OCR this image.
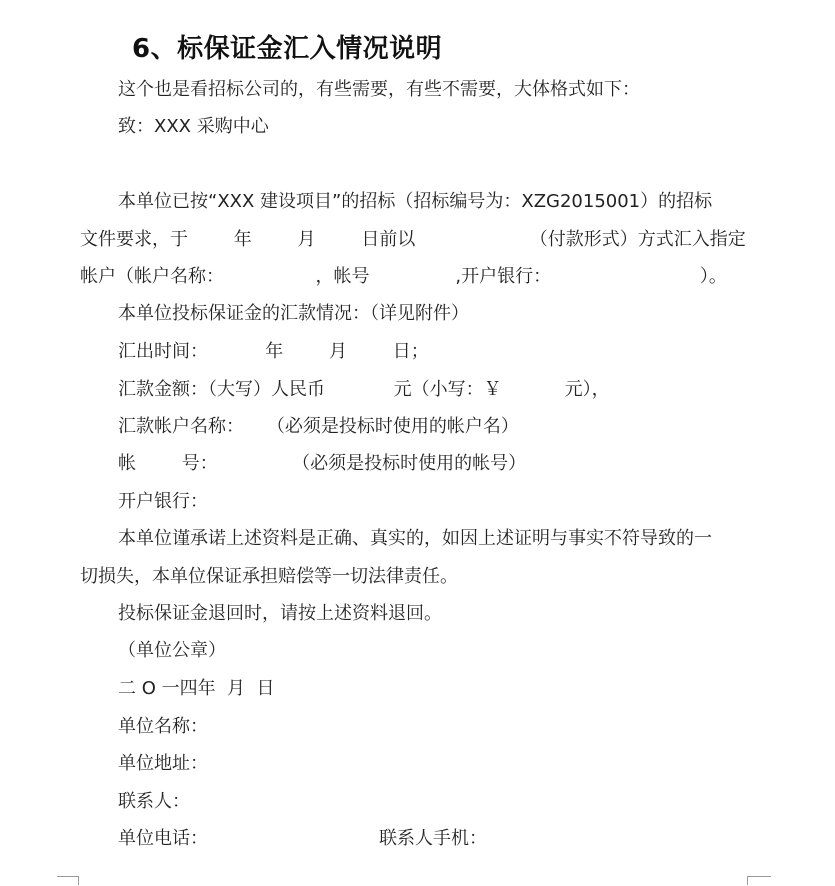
6、标保证金汇入情况说明
这个也是看招标公司的，有些需要，有些不需要，大体格式如下：
致：XXX 采购中心
本单位已按“XXX 建设项目”的招标（招标编号为：XZG2015001）的招标
文件要求，于        年        月        日前以                    （付款形式）方式汇入指定
帐户（帐户名称：                ，帐号               ,开户银行：                          ）。
本单位投标保证金的汇款情况：（详见附件）
汇出时间：          年        月        日；
汇款金额：（大写）人民币            元（小写：￥           元），
汇款帐户名称：    （必须是投标时使用的帐户名）
帐        号：             （必须是投标时使用的帐号）
开户银行：
本单位谨承诺上述资料是正确、真实的，如因上述证明与事实不符导致的一
切损失，本单位保证承担赔偿等一切法律责任。
投标保证金退回时，请按上述资料退回。
（单位公章）
二 O 一四年  月  日
单位名称：
单位地址：
联系人：
单位电话：	联系人手机：
